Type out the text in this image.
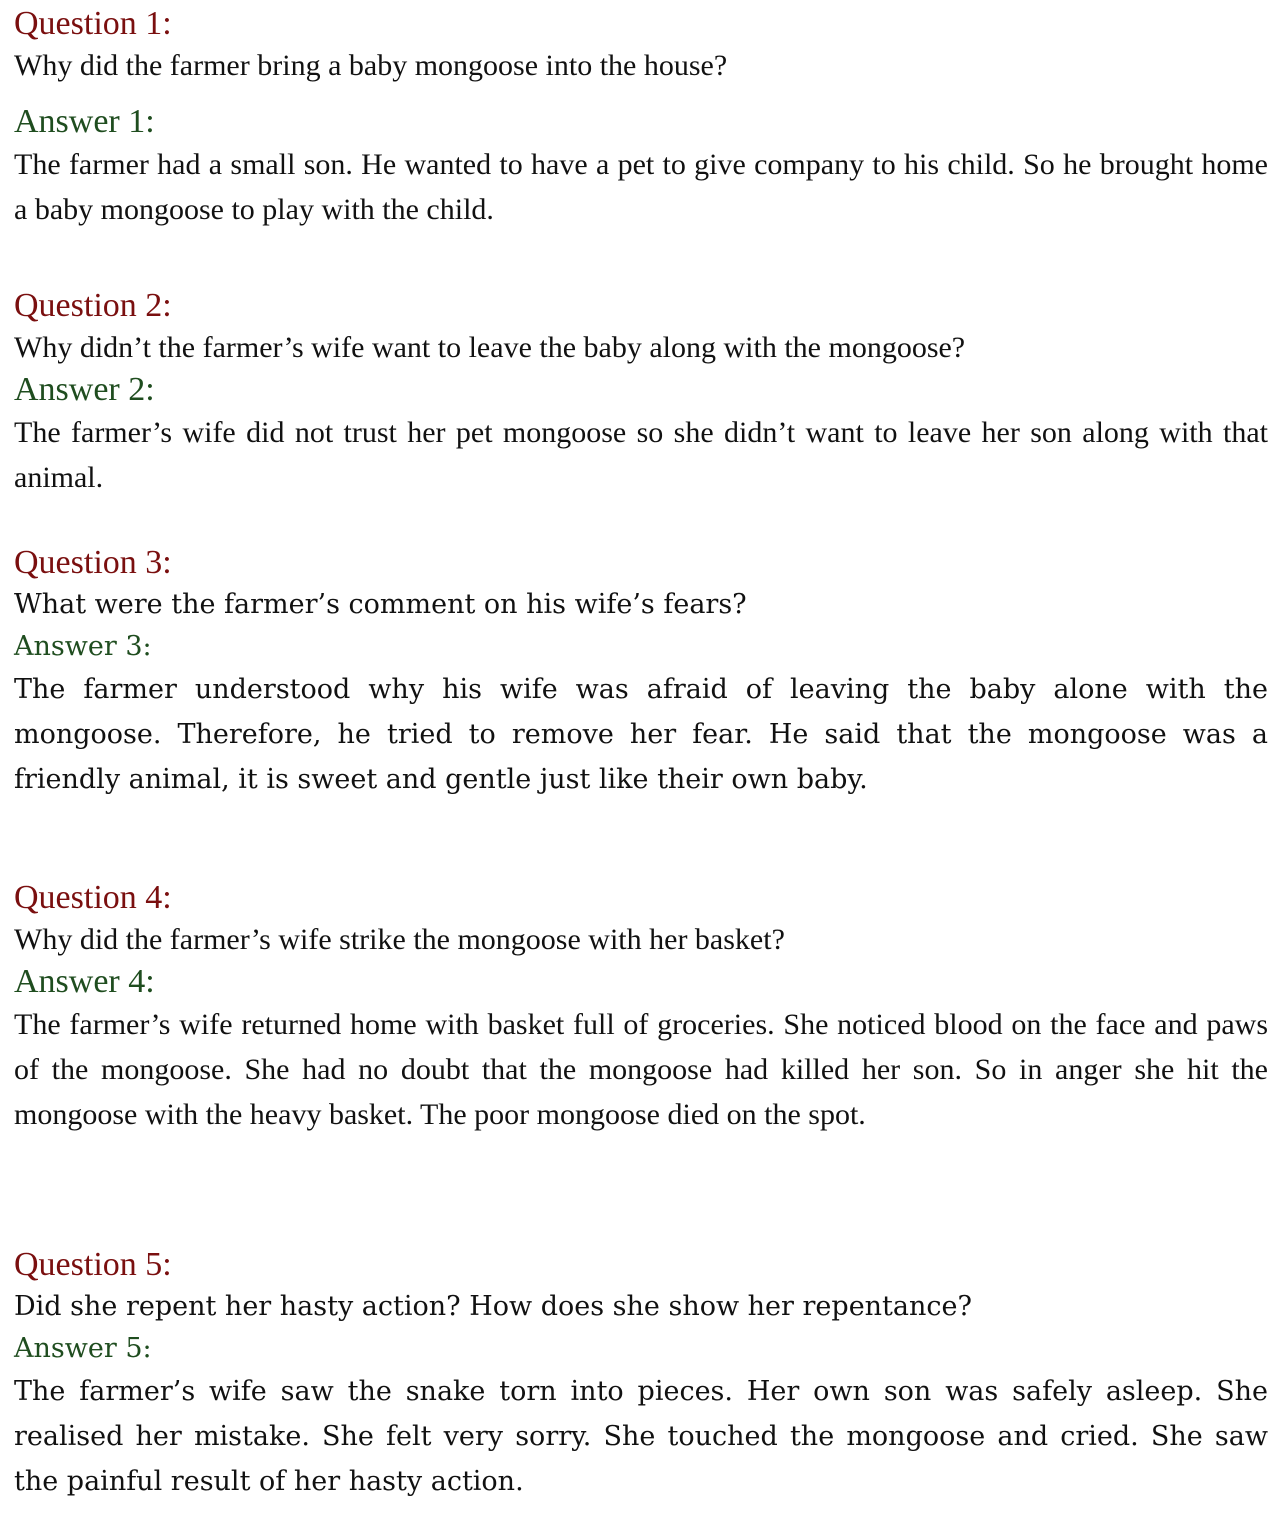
Question 1:

Why did the farmer bring a baby mongoose into the house?

Answer 1:

The farmer had a small son. He wanted to have a pet to give company to his child. So he brought home a baby mongoose to play with the child.

Question 2:

Why didn’t the farmer’s wife want to leave the baby along with the mongoose?

Answer 2:

The farmer’s wife did not trust her pet mongoose so she didn’t want to leave her son along with that animal.

Question 3:

What were the farmer’s comment on his wife’s fears?

Answer 3:

The farmer understood why his wife was afraid of leaving the baby alone with the mongoose. Therefore, he tried to remove her fear. He said that the mongoose was a friendly animal, it is sweet and gentle just like their own baby.

Question 4:

Why did the farmer’s wife strike the mongoose with her basket?

Answer 4:

The farmer’s wife returned home with basket full of groceries. She noticed blood on the face and paws of the mongoose. She had no doubt that the mongoose had killed her son. So in anger she hit the mongoose with the heavy basket. The poor mongoose died on the spot.

Question 5:

Did she repent her hasty action? How does she show her repentance?

Answer 5:

The farmer’s wife saw the snake torn into pieces. Her own son was safely asleep. She realised her mistake. She felt very sorry. She touched the mongoose and cried. She saw the painful result of her hasty action.
